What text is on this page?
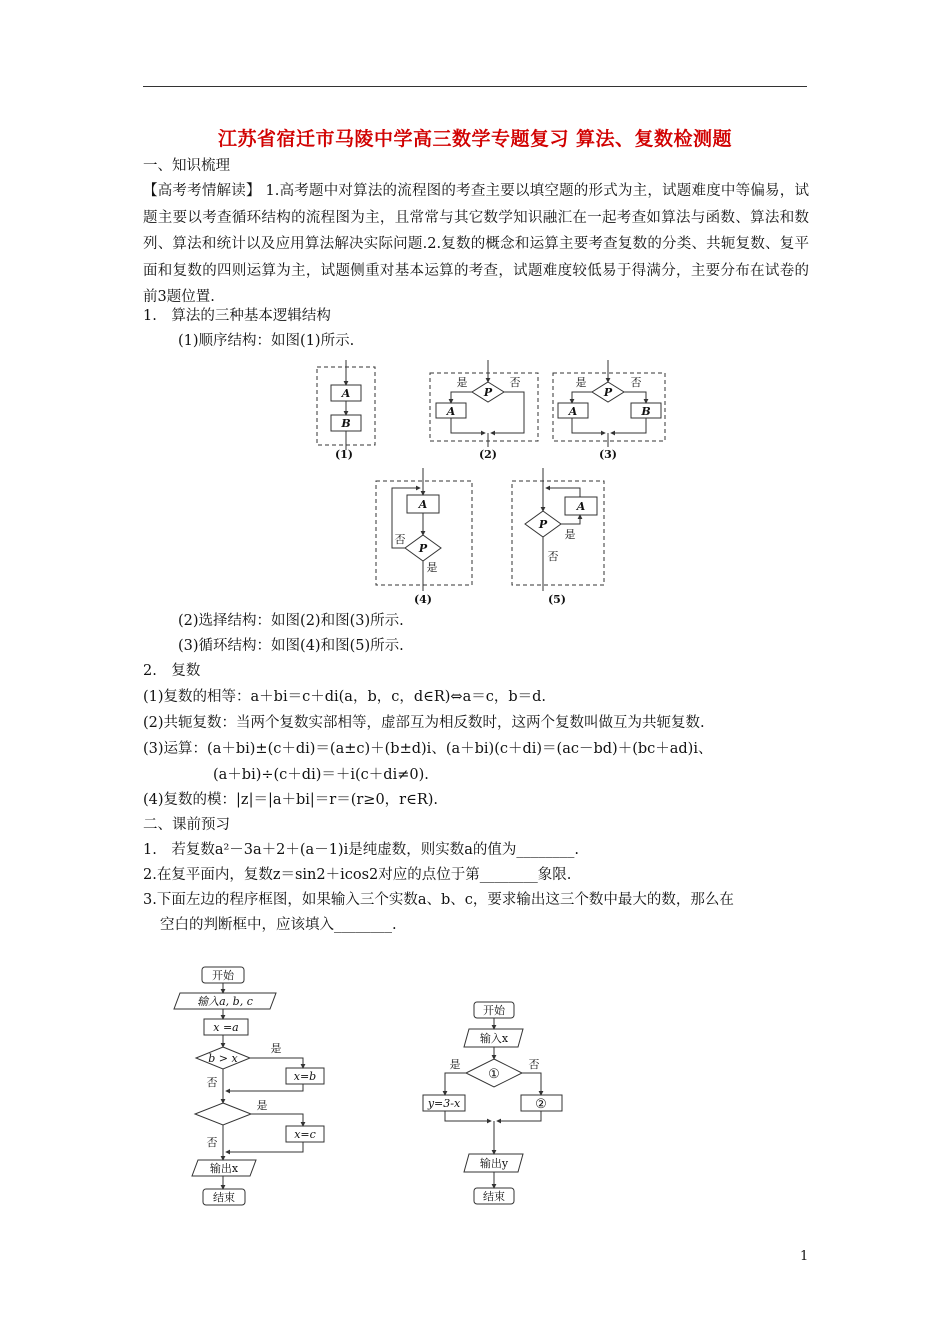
江苏省宿迁市马陵中学高三数学专题复习 算法、复数检测题
一、知识梳理
【高考考情解读】 1.高考题中对算法的流程图的考查主要以填空题的形式为主，试题难度中等偏易，试题主要以考查循环结构的流程图为主，且常常与其它数学知识融汇在一起考查如算法与函数、算法和数列、算法和统计以及应用算法解决实际问题.2.复数的概念和运算主要考查复数的分类、共轭复数、复平面和复数的四则运算为主，试题侧重对基本运算的考查，试题难度较低易于得满分，主要分布在试卷的前3题位置.
1.　算法的三种基本逻辑结构
(1)顺序结构：如图(1)所示.
A
B
P
A
P
A	B
A
P
P
A
是	否	是	否
否
是
是
否
(1)	(2)	(3)
(4)	(5)
(2)选择结构：如图(2)和图(3)所示.
(3)循环结构：如图(4)和图(5)所示.
2.　复数
(1)复数的相等：a＋bi＝c＋di(a，b，c，d∈R)⇔a＝c，b＝d.
(2)共轭复数：当两个复数实部相等，虚部互为相反数时，这两个复数叫做互为共轭复数.
(3)运算：(a＋bi)±(c＋di)＝(a±c)＋(b±d)i、(a＋bi)(c＋di)＝(ac－bd)＋(bc＋ad)i、
(a＋bi)÷(c＋di)＝＋i(c＋di≠0).
(4)复数的模：|z|＝|a＋bi|＝r＝(r≥0，r∈R).
二、课前预习
1.　若复数a²－3a＋2＋(a－1)i是纯虚数，则实数a的值为________.
2.在复平面内，复数z＝sin2＋icos2对应的点位于第________象限.
3.下面左边的程序框图，如果输入三个实数a、b、c，要求输出这三个数中最大的数，那么在
空白的判断框中，应该填入________.
开始
输入a, b, c
x =a
b > x
是
x=b
否
是
x=c
否
输出x
结束
开始
输入x
①
是	否
y=3-x	②
输出y
结束
1
